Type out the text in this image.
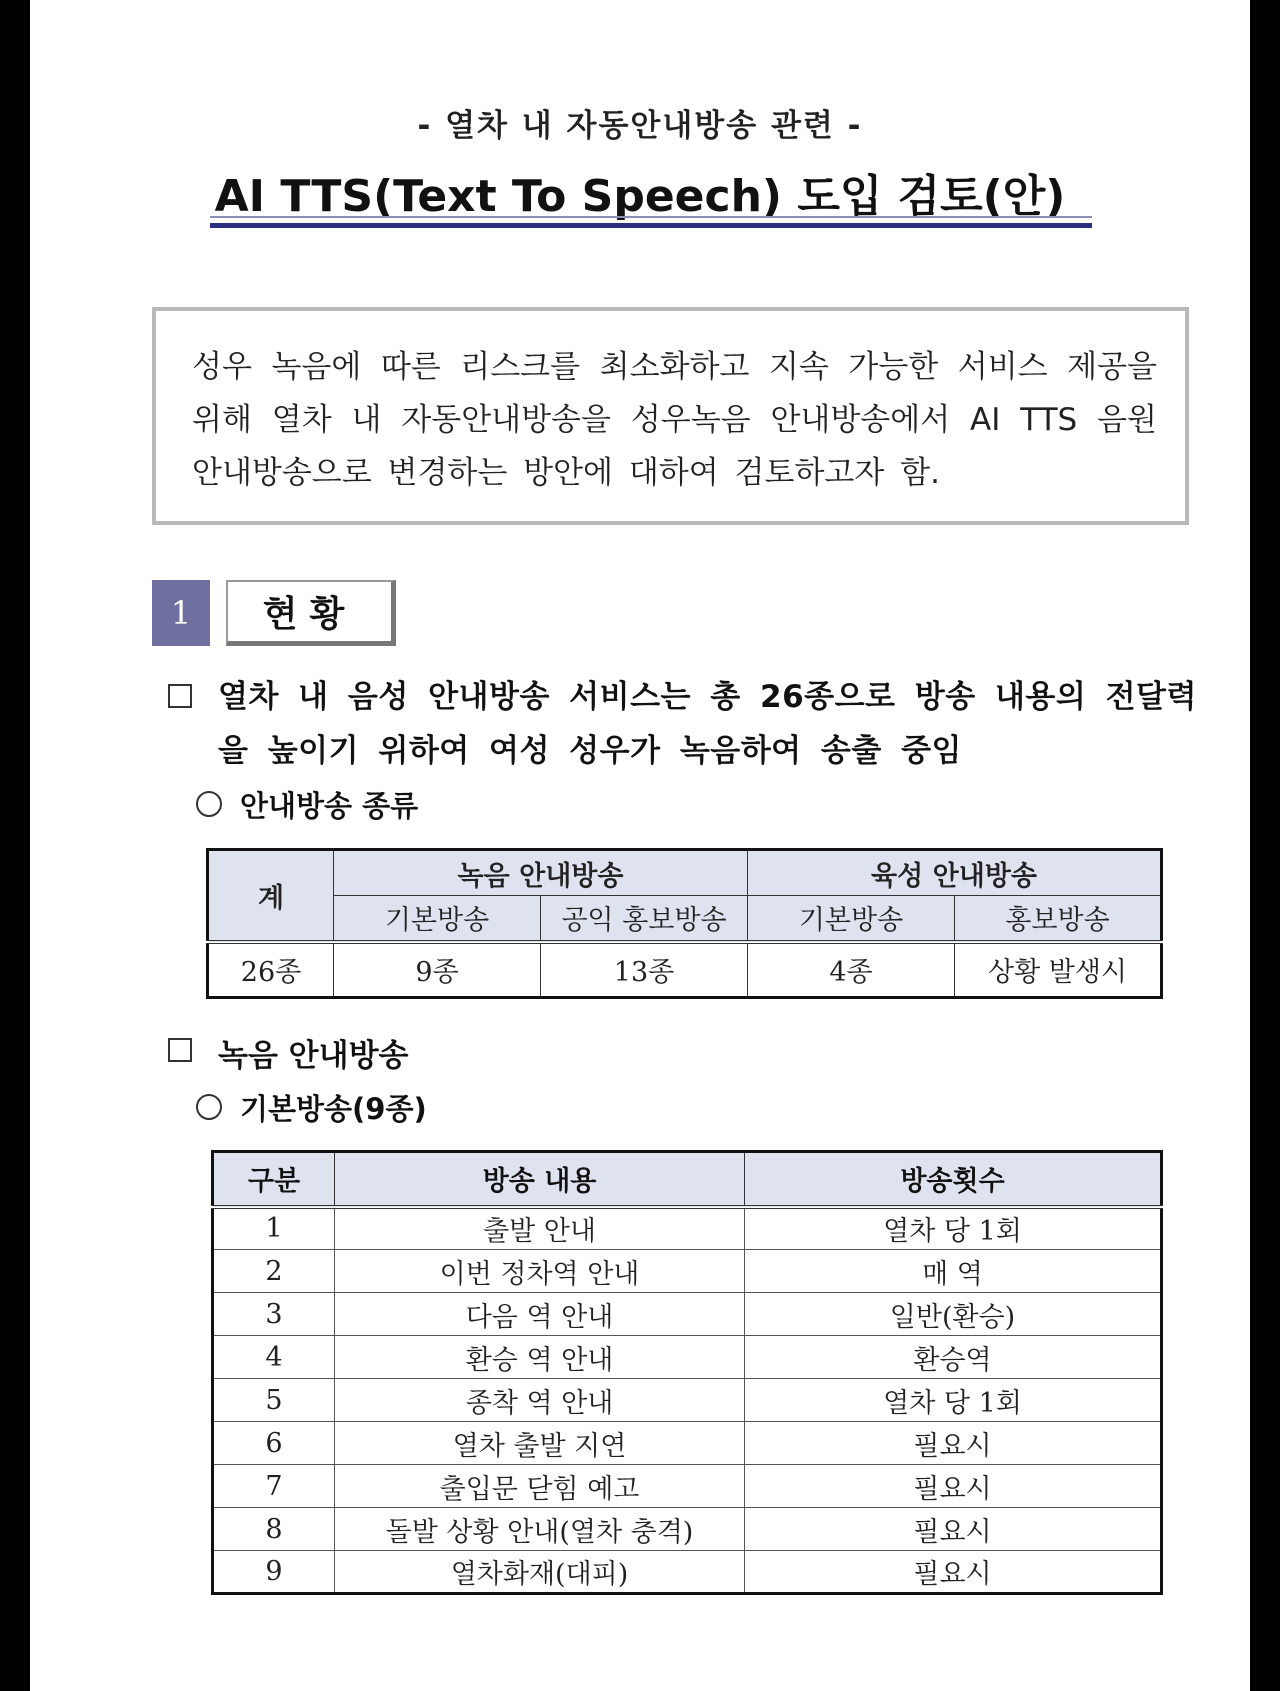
- 열차 내 자동안내방송 관련 -
AI TTS(Text To Speech) 도입 검토(안)

성우 녹음에 따른 리스크를 최소화하고 지속 가능한 서비스 제공을 위해 열차 내 자동안내방송을 성우녹음 안내방송에서 AI TTS 음원 안내방송으로 변경하는 방안에 대하여 검토하고자 함.

1	현황
열차 내 음성 안내방송 서비스는 총 26종으로 방송 내용의 전달력을 높이기 위하여 여성 성우가 녹음하여 송출 중임
안내방송 종류
계	녹음 안내방송		육성 안내방송	
	기본방송	공익 홍보방송	기본방송	홍보방송
26종	9종	13종	4종	상황 발생시
녹음 안내방송
기본방송(9종)
구분	방송 내용	방송횟수
1	출발 안내	열차 당 1회
2	이번 정차역 안내	매 역
3	다음 역 안내	일반(환승)
4	환승 역 안내	환승역
5	종착 역 안내	열차 당 1회
6	열차 출발 지연	필요시
7	출입문 닫힘 예고	필요시
8	돌발 상황 안내(열차 충격)	필요시
9	열차화재(대피)	필요시
